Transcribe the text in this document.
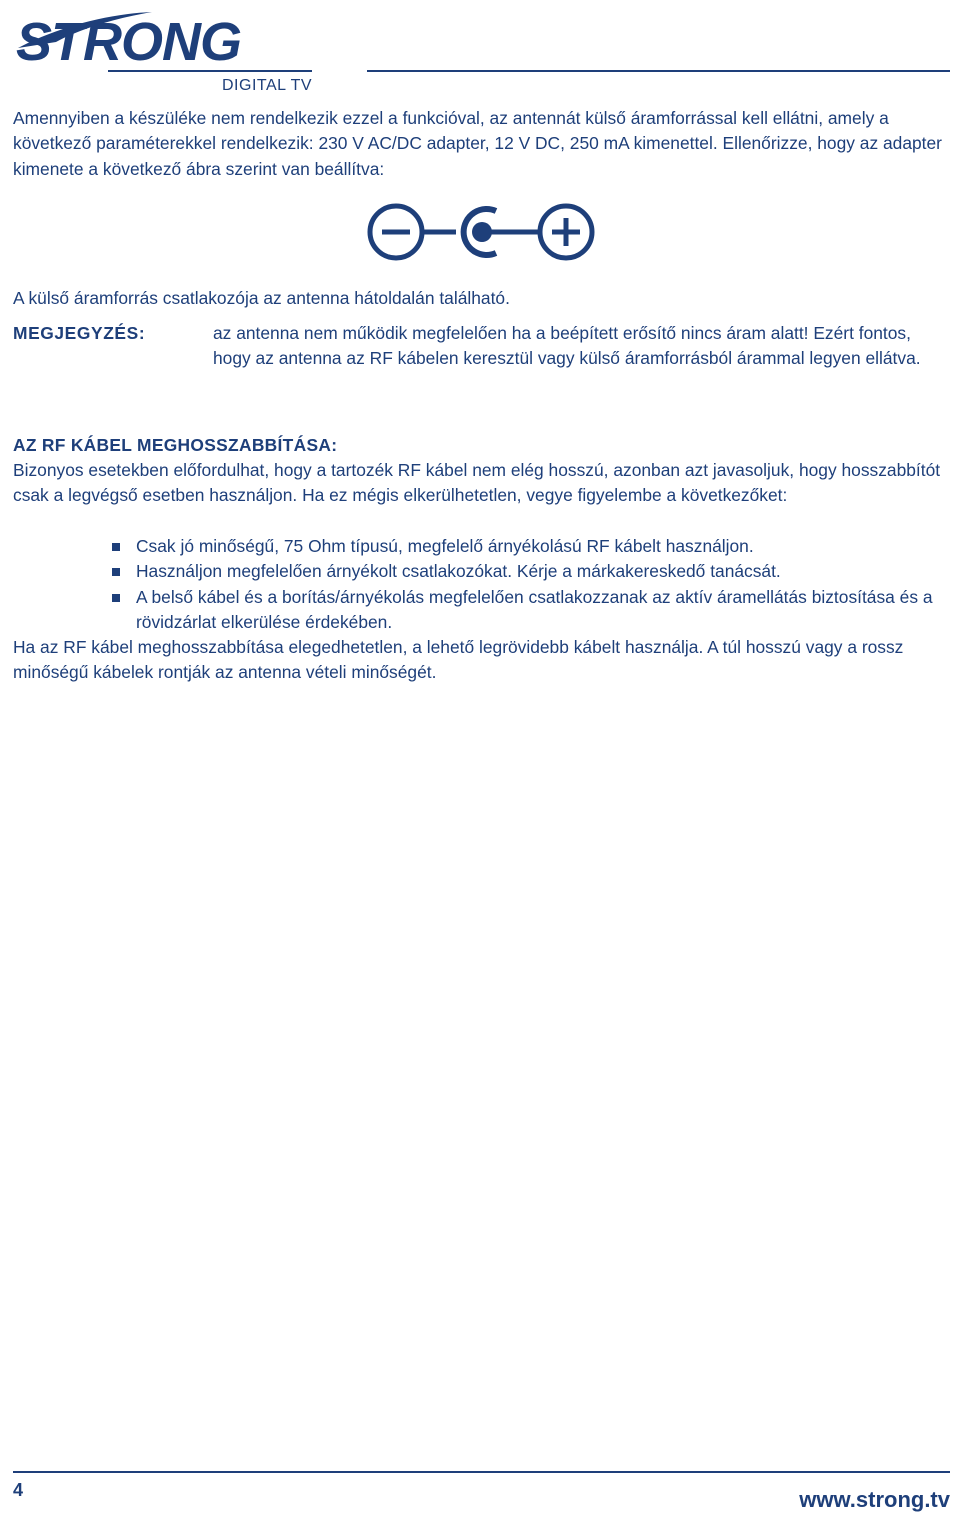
STRONG
DIGITAL TV
Amennyiben a készüléke nem rendelkezik ezzel a funkcióval, az antennát külső áramforrással kell ellátni, amely a következő paraméterekkel rendelkezik: 230 V AC/DC adapter, 12 V DC, 250 mA kimenettel. Ellenőrizze, hogy az adapter kimenete a következő ábra szerint van beállítva:
A külső áramforrás csatlakozója az antenna hátoldalán található.
MEGJEGYZÉS:	az antenna nem működik megfelelően ha a beépített erősítő nincs áram alatt! Ezért fontos, hogy az antenna az RF kábelen keresztül vagy külső áramforrásból árammal legyen ellátva.
AZ RF KÁBEL MEGHOSSZABBÍTÁSA:
Bizonyos esetekben előfordulhat, hogy a tartozék RF kábel nem elég hosszú, azonban azt javasoljuk, hogy hosszabbítót csak a legvégső esetben használjon. Ha ez mégis elkerülhetetlen, vegye figyelembe a következőket:
Csak jó minőségű, 75 Ohm típusú, megfelelő árnyékolású RF kábelt használjon.
Használjon megfelelően árnyékolt csatlakozókat. Kérje a márkakereskedő tanácsát.
A belső kábel és a borítás/árnyékolás megfelelően csatlakozzanak az aktív áramellátás biztosítása és a rövidzárlat elkerülése érdekében.
Ha az RF kábel meghosszabbítása elegedhetetlen, a lehető legrövidebb kábelt használja. A túl hosszú vagy a rossz minőségű kábelek rontják az antenna vételi minőségét.
4	www.strong.tv
